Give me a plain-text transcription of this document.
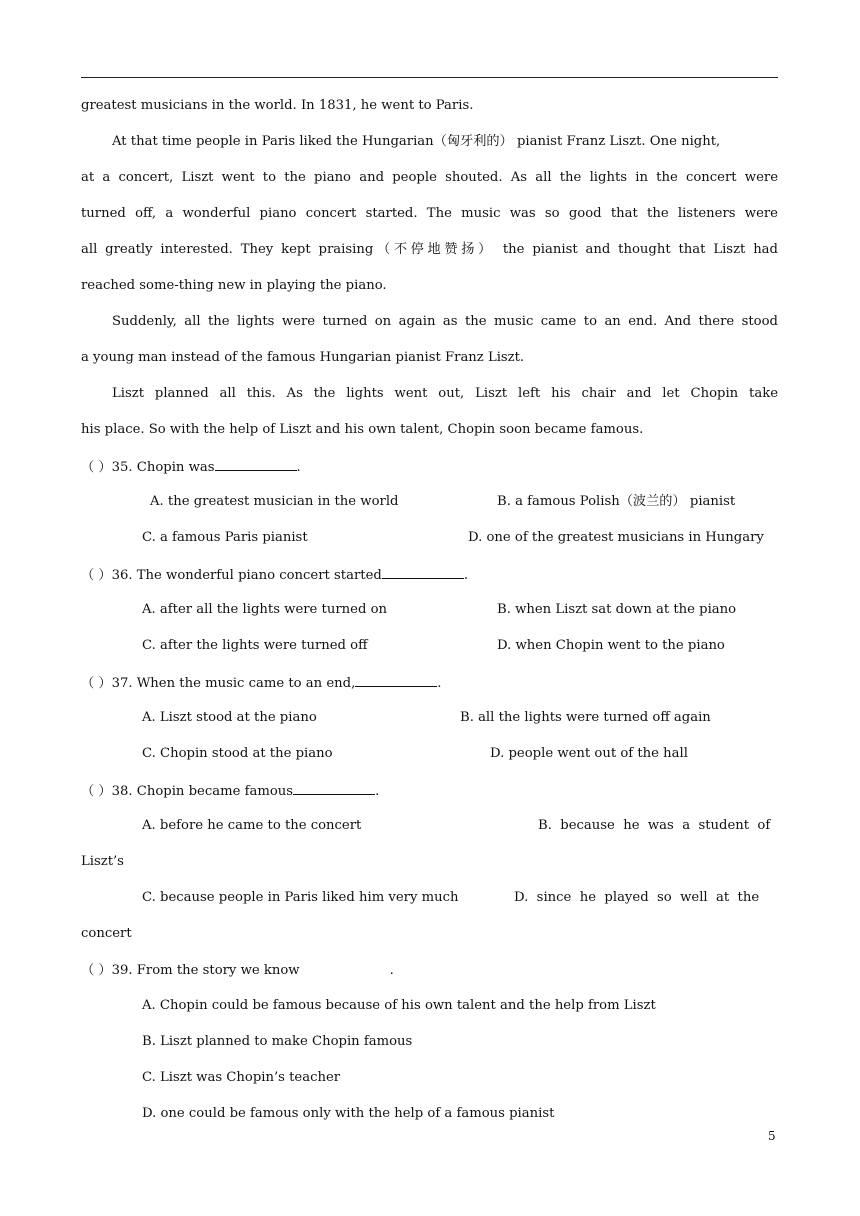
greatest musicians in the world. In 1831, he went to Paris.

At that time people in Paris liked the Hungarian（匈牙利的） pianist Franz Liszt. One night,

at a concert, Liszt went to the piano and people shouted. As all the lights in the concert were

turned off, a wonderful piano concert started. The music was so good that the listeners were

all greatly interested. They kept praising（不停地赞扬） the pianist and thought that Liszt had

reached some-thing new in playing the piano.

Suddenly, all the lights were turned on again as the music came to an end. And there stood

a young man instead of the famous Hungarian pianist Franz Liszt.

Liszt planned all this. As the lights went out, Liszt left his chair and let Chopin take

his place. So with the help of Liszt and his own talent, Chopin soon became famous.

（ ）35. Chopin was	.

A. the greatest musician in the world	B. a famous Polish（波兰的） pianist

C. a famous Paris pianist	D. one of the greatest musicians in Hungary

（ ）36. The wonderful piano concert started	.

A. after all the lights were turned on	B. when Liszt sat down at the piano

C. after the lights were turned off	D. when Chopin went to the piano

（ ）37. When the music came to an end,	.

A. Liszt stood at the piano	B. all the lights were turned off again

C. Chopin stood at the piano	D. people went out of the hall

（ ）38. Chopin became famous	.

A. before he came to the concert	B.  because  he  was  a  student  of

Liszt’s

C. because people in Paris liked him very much	D.  since  he  played  so  well  at  the

concert

（ ）39. From the story we know	.

A. Chopin could be famous because of his own talent and the help from Liszt

B. Liszt planned to make Chopin famous

C. Liszt was Chopin’s teacher

D. one could be famous only with the help of a famous pianist

5
